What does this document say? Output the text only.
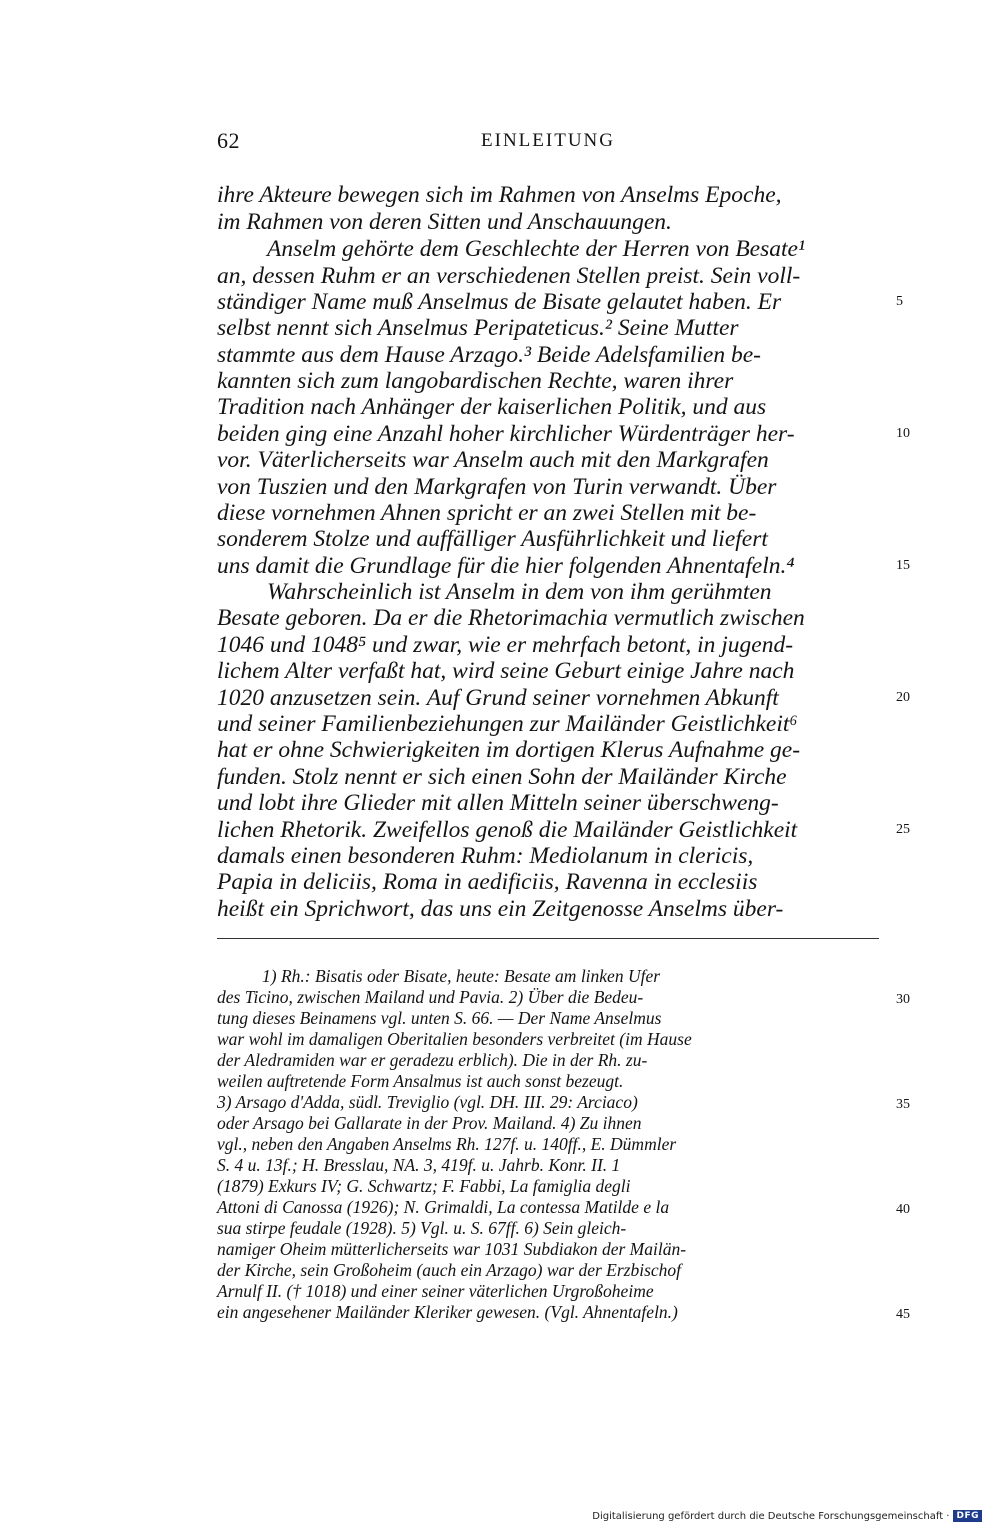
62	EINLEITUNG
ihre Akteure bewegen sich im Rahmen von Anselms Epoche,
im Rahmen von deren Sitten und Anschauungen.
Anselm gehörte dem Geschlechte der Herren von Besate¹
an, dessen Ruhm er an verschiedenen Stellen preist. Sein voll-
ständiger Name muß Anselmus de Bisate gelautet haben. Er
selbst nennt sich Anselmus Peripateticus.² Seine Mutter
stammte aus dem Hause Arzago.³ Beide Adelsfamilien be-
kannten sich zum langobardischen Rechte, waren ihrer
Tradition nach Anhänger der kaiserlichen Politik, und aus
beiden ging eine Anzahl hoher kirchlicher Würdenträger her-
vor. Väterlicherseits war Anselm auch mit den Markgrafen
von Tuszien und den Markgrafen von Turin verwandt. Über
diese vornehmen Ahnen spricht er an zwei Stellen mit be-
sonderem Stolze und auffälliger Ausführlichkeit und liefert
uns damit die Grundlage für die hier folgenden Ahnentafeln.⁴
Wahrscheinlich ist Anselm in dem von ihm gerühmten
Besate geboren. Da er die Rhetorimachia vermutlich zwischen
1046 und 1048⁵ und zwar, wie er mehrfach betont, in jugend-
lichem Alter verfaßt hat, wird seine Geburt einige Jahre nach
1020 anzusetzen sein. Auf Grund seiner vornehmen Abkunft
und seiner Familienbeziehungen zur Mailänder Geistlichkeit⁶
hat er ohne Schwierigkeiten im dortigen Klerus Aufnahme ge-
funden. Stolz nennt er sich einen Sohn der Mailänder Kirche
und lobt ihre Glieder mit allen Mitteln seiner überschweng-
lichen Rhetorik. Zweifellos genoß die Mailänder Geistlichkeit
damals einen besonderen Ruhm: Mediolanum in clericis,
Papia in deliciis, Roma in aedificiis, Ravenna in ecclesiis
heißt ein Sprichwort, das uns ein Zeitgenosse Anselms über-
5
10
15
20
25
1) Rh.: Bisatis oder Bisate, heute: Besate am linken Ufer
des Ticino, zwischen Mailand und Pavia. 2) Über die Bedeu-
tung dieses Beinamens vgl. unten S. 66. — Der Name Anselmus
war wohl im damaligen Oberitalien besonders verbreitet (im Hause
der Aledramiden war er geradezu erblich). Die in der Rh. zu-
weilen auftretende Form Ansalmus ist auch sonst bezeugt.
3) Arsago d'Adda, südl. Treviglio (vgl. DH. III. 29: Arciaco)
oder Arsago bei Gallarate in der Prov. Mailand. 4) Zu ihnen
vgl., neben den Angaben Anselms Rh. 127f. u. 140ff., E. Dümmler
S. 4 u. 13f.; H. Bresslau, NA. 3, 419f. u. Jahrb. Konr. II. 1
(1879) Exkurs IV; G. Schwartz; F. Fabbi, La famiglia degli
Attoni di Canossa (1926); N. Grimaldi, La contessa Matilde e la
sua stirpe feudale (1928). 5) Vgl. u. S. 67ff. 6) Sein gleich-
namiger Oheim mütterlicherseits war 1031 Subdiakon der Mailän-
der Kirche, sein Großoheim (auch ein Arzago) war der Erzbischof
Arnulf II. († 1018) und einer seiner väterlichen Urgroßoheime
ein angesehener Mailänder Kleriker gewesen. (Vgl. Ahnentafeln.)
30
35
40
45
Digitalisierung gefördert durch die Deutsche Forschungsgemeinschaft · DFG
